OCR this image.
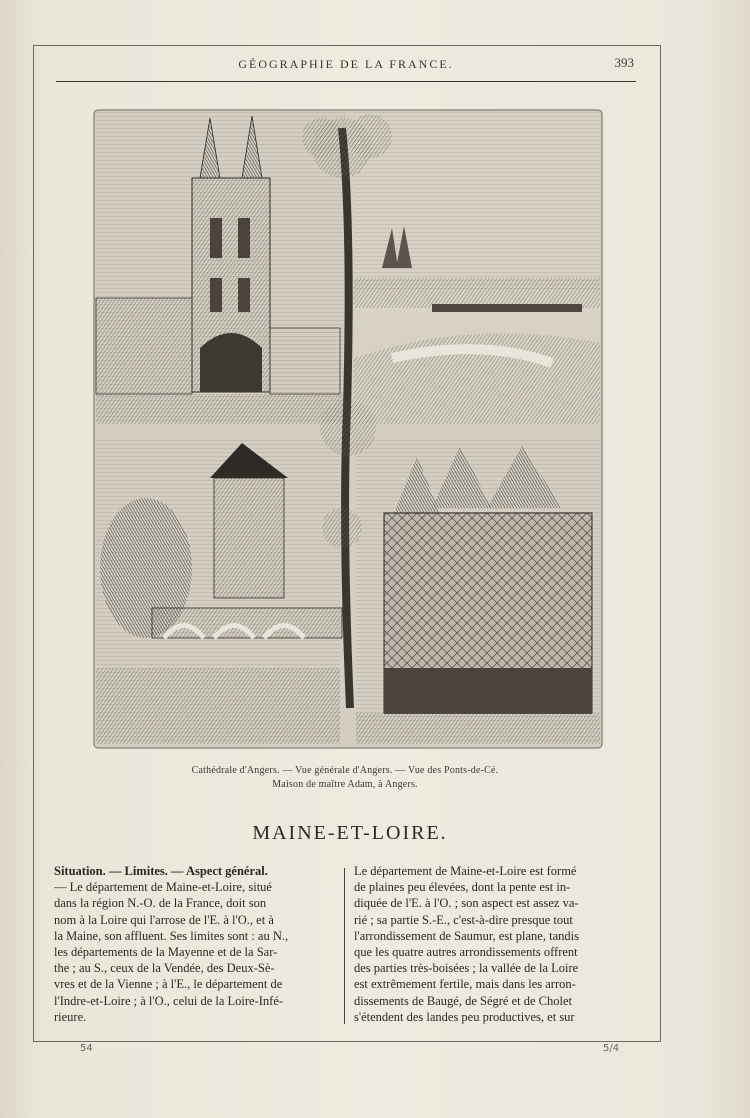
GÉOGRAPHIE DE LA FRANCE.	393
Cathédrale d'Angers. — Vue générale d'Angers. — Vue des Ponts-de-Cé.
Maison de maître Adam, à Angers.
MAINE-ET-LOIRE.
Situation. — Limites. — Aspect général.
— Le département de Maine-et-Loire, situé
dans la région N.-O. de la France, doit son
nom à la Loire qui l'arrose de l'E. à l'O., et à
la Maine, son affluent. Ses limites sont : au N.,
les départements de la Mayenne et de la Sar-
the ; au S., ceux de la Vendée, des Deux-Sè-
vres et de la Vienne ; à l'E., le département de
l'Indre-et-Loire ; à l'O., celui de la Loire-Infé-
rieure.
Le département de Maine-et-Loire est formé
de plaines peu élevées, dont la pente est in-
diquée de l'E. à l'O. ; son aspect est assez va-
rié ; sa partie S.-E., c'est-à-dire presque tout
l'arrondissement de Saumur, est plane, tandis
que les quatre autres arrondissements offrent
des parties très-boisées ; la vallée de la Loire
est extrêmement fertile, mais dans les arron-
dissements de Baugé, de Ségré et de Cholet
s'étendent des landes peu productives, et sur
54	5/4
